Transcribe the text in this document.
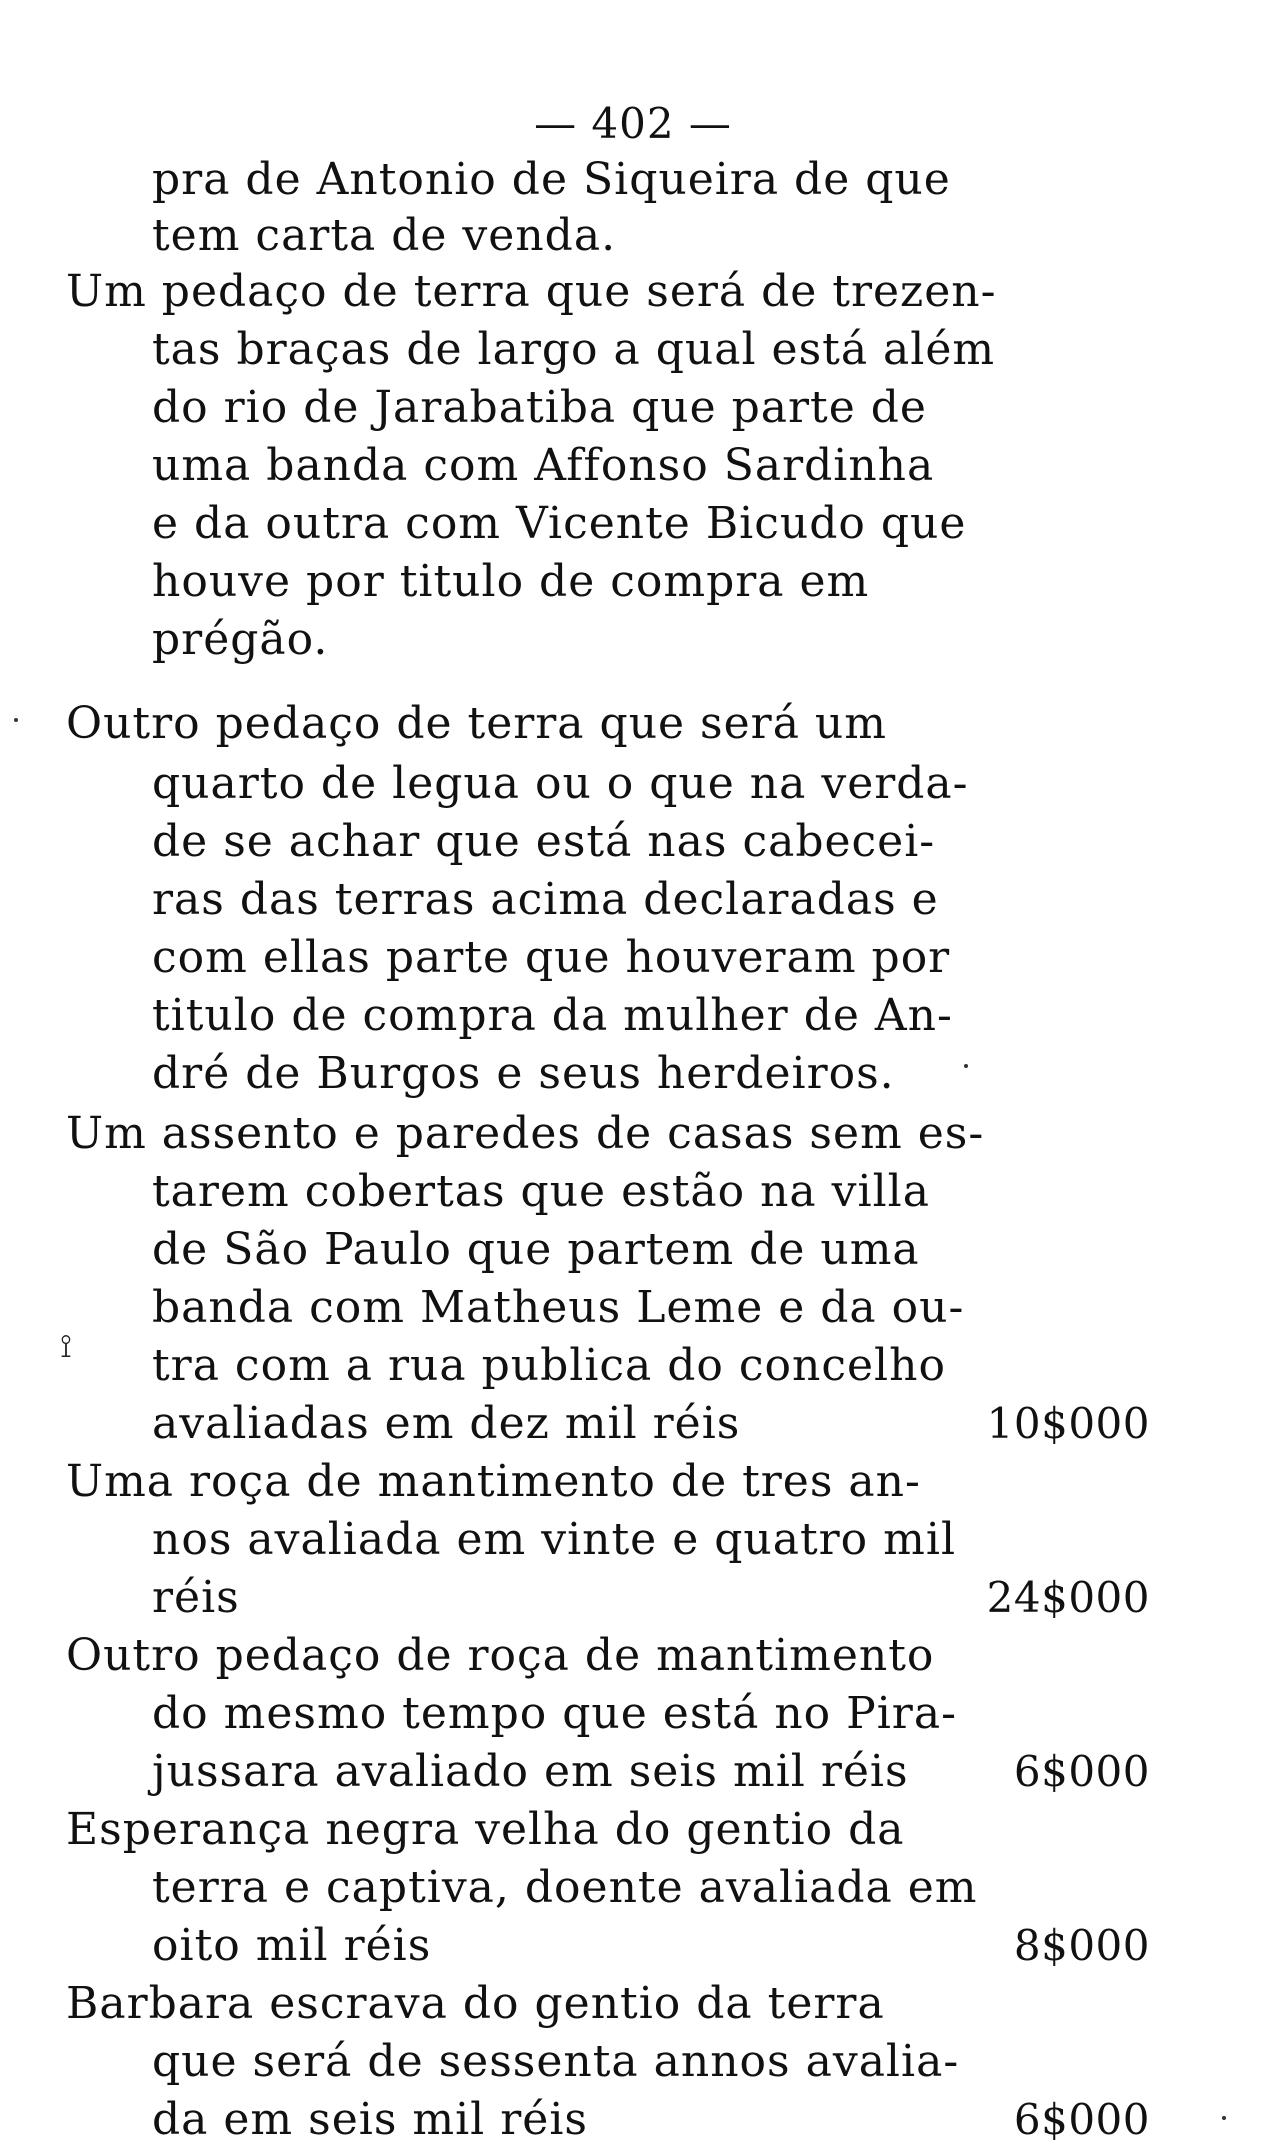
— 402 —
pra de Antonio de Siqueira de que
tem carta de venda.
Um pedaço de terra que será de trezen-
tas braças de largo a qual está além
do rio de Jarabatiba que parte de
uma banda com Affonso Sardinha
e da outra com Vicente Bicudo que
houve por titulo de compra em
prégão.
Outro pedaço de terra que será um
quarto de legua ou o que na verda-
de se achar que está nas cabecei-
ras das terras acima declaradas e
com ellas parte que houveram por
titulo de compra da mulher de An-
dré de Burgos e seus herdeiros.
Um assento e paredes de casas sem es-
tarem cobertas que estão na villa
de São Paulo que partem de uma
banda com Matheus Leme e da ou-
tra com a rua publica do concelho
avaliadas em dez mil réis	10$000
Uma roça de mantimento de tres an-
nos avaliada em vinte e quatro mil
réis	24$000
Outro pedaço de roça de mantimento
do mesmo tempo que está no Pira-
jussara avaliado em seis mil réis	6$000
Esperança negra velha do gentio da
terra e captiva, doente avaliada em
oito mil réis	8$000
Barbara escrava do gentio da terra
que será de sessenta annos avalia-
da em seis mil réis	6$000
⟟
